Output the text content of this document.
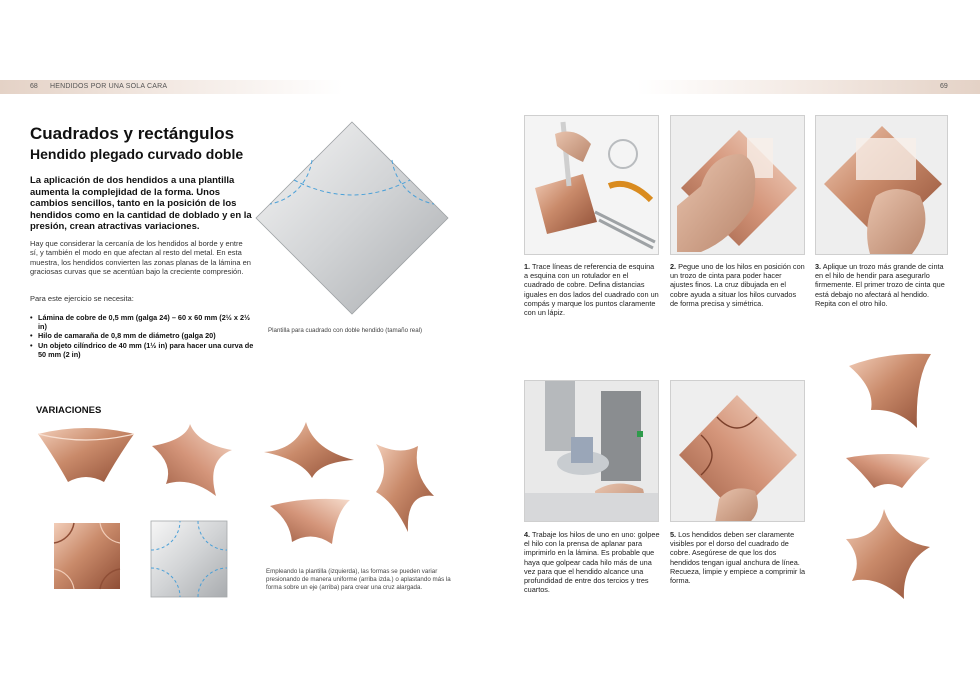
68 HENDIDOS POR UNA SOLA CARA	69
Cuadrados y rectángulos
Hendido plegado curvado doble

La aplicación de dos hendidos a una plantilla aumenta la complejidad de la forma. Unos cambios sencillos, tanto en la posición de los hendidos como en la cantidad de doblado y en la presión, crean atractivas variaciones.

Hay que considerar la cercanía de los hendidos al borde y entre sí, y también el modo en que afectan al resto del metal. En esta muestra, los hendidos convierten las zonas planas de la lámina en graciosas curvas que se acentúan bajo la creciente compresión.

Para este ejercicio se necesita:

• Lámina de cobre de 0,5 mm (galga 24) – 60 x 60 mm (2½ x 2½ in)
• Hilo de camaraña de 0,8 mm de diámetro (galga 20)
• Un objeto cilíndrico de 40 mm (1½ in) para hacer una curva de 50 mm (2 in)

Plantilla para cuadrado con doble hendido (tamaño real)

VARIACIONES

Empleando la plantilla (izquierda), las formas se pueden variar presionando de manera uniforme (arriba izda.) o aplastando más la forma sobre un eje (arriba) para crear una cruz alargada.

1. Trace líneas de referencia de esquina a esquina con un rotulador en el cuadrado de cobre. Defina distancias iguales en dos lados del cuadrado con un compás y marque los puntos claramente con un lápiz.

2. Pegue uno de los hilos en posición con un trozo de cinta para poder hacer ajustes finos. La cruz dibujada en el cobre ayuda a situar los hilos curvados de forma precisa y simétrica.

3. Aplique un trozo más grande de cinta en el hilo de hendir para asegurarlo firmemente. El primer trozo de cinta que está debajo no afectará al hendido. Repita con el otro hilo.

4. Trabaje los hilos de uno en uno: golpee el hilo con la prensa de aplanar para imprimirlo en la lámina. Es probable que haya que golpear cada hilo más de una vez para que el hendido alcance una profundidad de entre dos tercios y tres cuartos.

5. Los hendidos deben ser claramente visibles por el dorso del cuadrado de cobre. Asegúrese de que los dos hendidos tengan igual anchura de línea. Recueza, limpie y empiece a comprimir la forma.
